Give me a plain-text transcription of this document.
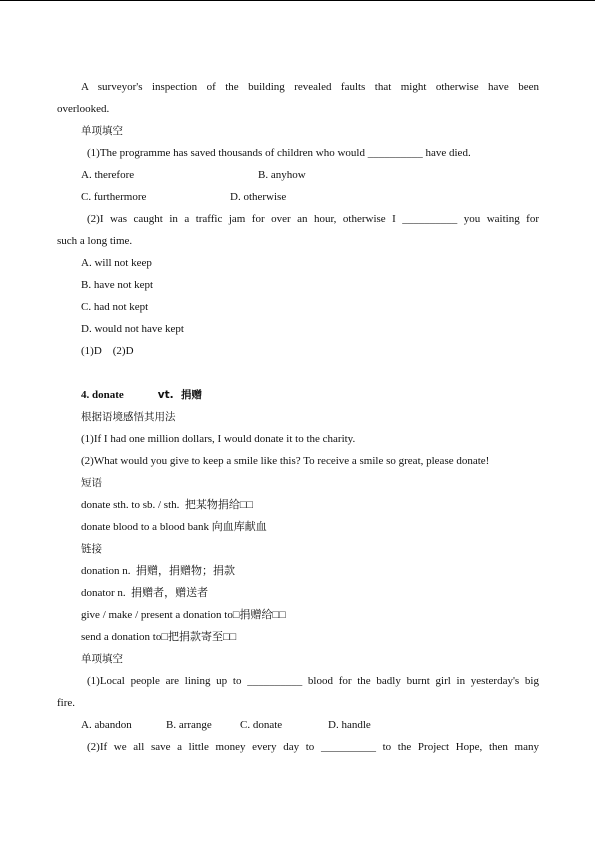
A surveyor's inspection of the building revealed faults that might otherwise have been
overlooked.
单项填空
(1)The programme has saved thousands of children who would __________ have died.
A. therefore	B. anyhow
C. furthermore	D. otherwise
(2)I was caught in a traffic jam for over an hour, otherwise I __________ you waiting for
such a long time.
A. will not keep
B. have not kept
C. had not kept
D. would not have kept
(1)D    (2)D
4. donate	vt.  捐赠
根据语境感悟其用法
(1)If I had one million dollars, I would donate it to the charity.
(2)What would you give to keep a smile like this? To receive a smile so great, please donate!
短语
donate sth. to sb. / sth.  把某物捐给□□
donate blood to a blood bank 向血库献血
链接
donation n.  捐赠，捐赠物；捐款
donator n.  捐赠者，赠送者
give / make / present a donation to□捐赠给□□
send a donation to□把捐款寄至□□
单项填空
(1)Local people are lining up to __________ blood for the badly burnt girl in yesterday's big
fire.
A. abandon	B. arrange	C. donate	D. handle
(2)If we all save a little money every day to __________ to the Project Hope, then many
